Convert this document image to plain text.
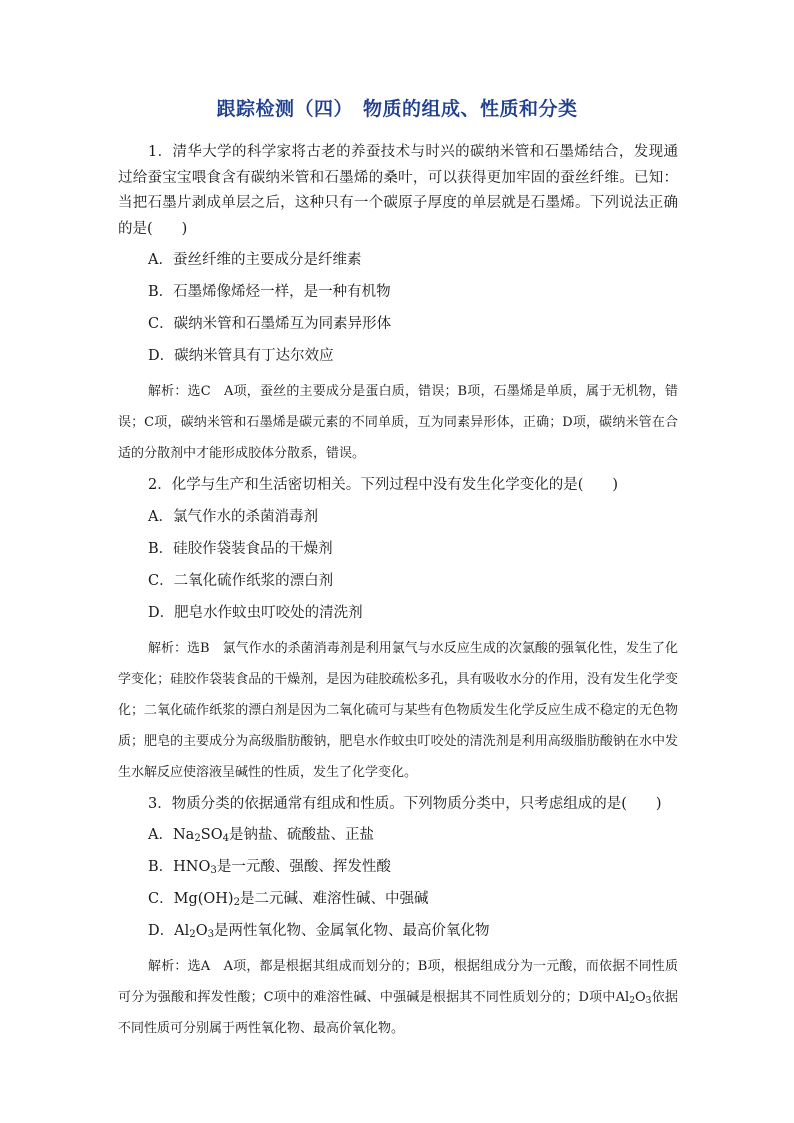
跟踪检测（四）　物质的组成、性质和分类

1．清华大学的科学家将古老的养蚕技术与时兴的碳纳米管和石墨烯结合，发现通过给蚕宝宝喂食含有碳纳米管和石墨烯的桑叶，可以获得更加牢固的蚕丝纤维。已知：当把石墨片剥成单层之后，这种只有一个碳原子厚度的单层就是石墨烯。下列说法正确的是(　　)

A．蚕丝纤维的主要成分是纤维素

B．石墨烯像烯烃一样，是一种有机物

C．碳纳米管和石墨烯互为同素异形体

D．碳纳米管具有丁达尔效应

解析：选C　A项，蚕丝的主要成分是蛋白质，错误；B项，石墨烯是单质，属于无机物，错误；C项，碳纳米管和石墨烯是碳元素的不同单质，互为同素异形体，正确；D项，碳纳米管在合适的分散剂中才能形成胶体分散系，错误。

2．化学与生产和生活密切相关。下列过程中没有发生化学变化的是(　　)

A．氯气作水的杀菌消毒剂

B．硅胶作袋装食品的干燥剂

C．二氧化硫作纸浆的漂白剂

D．肥皂水作蚊虫叮咬处的清洗剂

解析：选B　氯气作水的杀菌消毒剂是利用氯气与水反应生成的次氯酸的强氧化性，发生了化学变化；硅胶作袋装食品的干燥剂，是因为硅胶疏松多孔，具有吸收水分的作用，没有发生化学变化；二氧化硫作纸浆的漂白剂是因为二氧化硫可与某些有色物质发生化学反应生成不稳定的无色物质；肥皂的主要成分为高级脂肪酸钠，肥皂水作蚊虫叮咬处的清洗剂是利用高级脂肪酸钠在水中发生水解反应使溶液呈碱性的性质，发生了化学变化。

3．物质分类的依据通常有组成和性质。下列物质分类中，只考虑组成的是(　　)

A．$Na_2SO_4$是钠盐、硫酸盐、正盐

B．$HNO_3$是一元酸、强酸、挥发性酸

C．$Mg(OH)_2$是二元碱、难溶性碱、中强碱

D．$Al_2O_3$是两性氧化物、金属氧化物、最高价氧化物

解析：选A　A项，都是根据其组成而划分的；B项，根据组成分为一元酸，而依据不同性质可分为强酸和挥发性酸；C项中的难溶性碱、中强碱是根据其不同性质划分的；D项中$Al_2O_3$依据不同性质可分别属于两性氧化物、最高价氧化物。
